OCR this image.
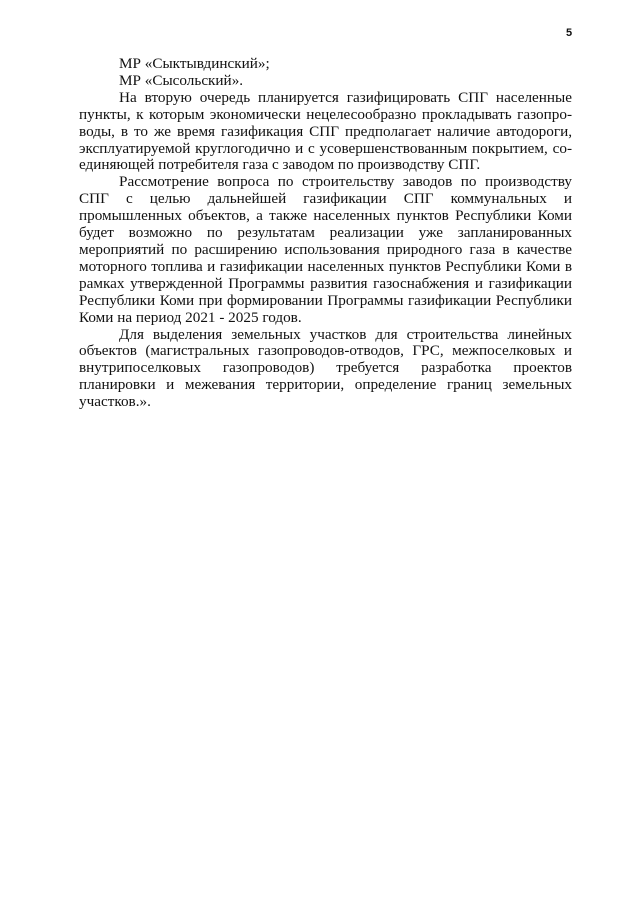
5

МР «Сыктывдинский»;

МР «Сысольский».

На вторую очередь планируется газифицировать СПГ населенные пункты, к которым экономически нецелесообразно прокладывать газопроводы, в то же время газификация СПГ предполагает наличие автодороги, эксплуатируемой круглогодично и с усовершенствованным покрытием, соединяющей потребителя газа с заводом по производству СПГ.

Рассмотрение вопроса по строительству заводов по производству СПГ с целью дальнейшей газификации СПГ коммунальных и промышленных объектов, а также населенных пунктов Республики Коми будет возможно по результатам реализации уже запланированных мероприятий по расширению использования природного газа в качестве моторного топлива и газификации населенных пунктов Республики Коми в рамках утвержденной Программы развития газоснабжения и газификации Республики Коми при формировании Программы газификации Республики Коми на период 2021 - 2025 годов.

Для выделения земельных участков для строительства линейных объектов (магистральных газопроводов-отводов, ГРС, межпоселковых и внутрипоселковых газопроводов) требуется разработка проектов планировки и межевания территории, определение границ земельных участков.».
